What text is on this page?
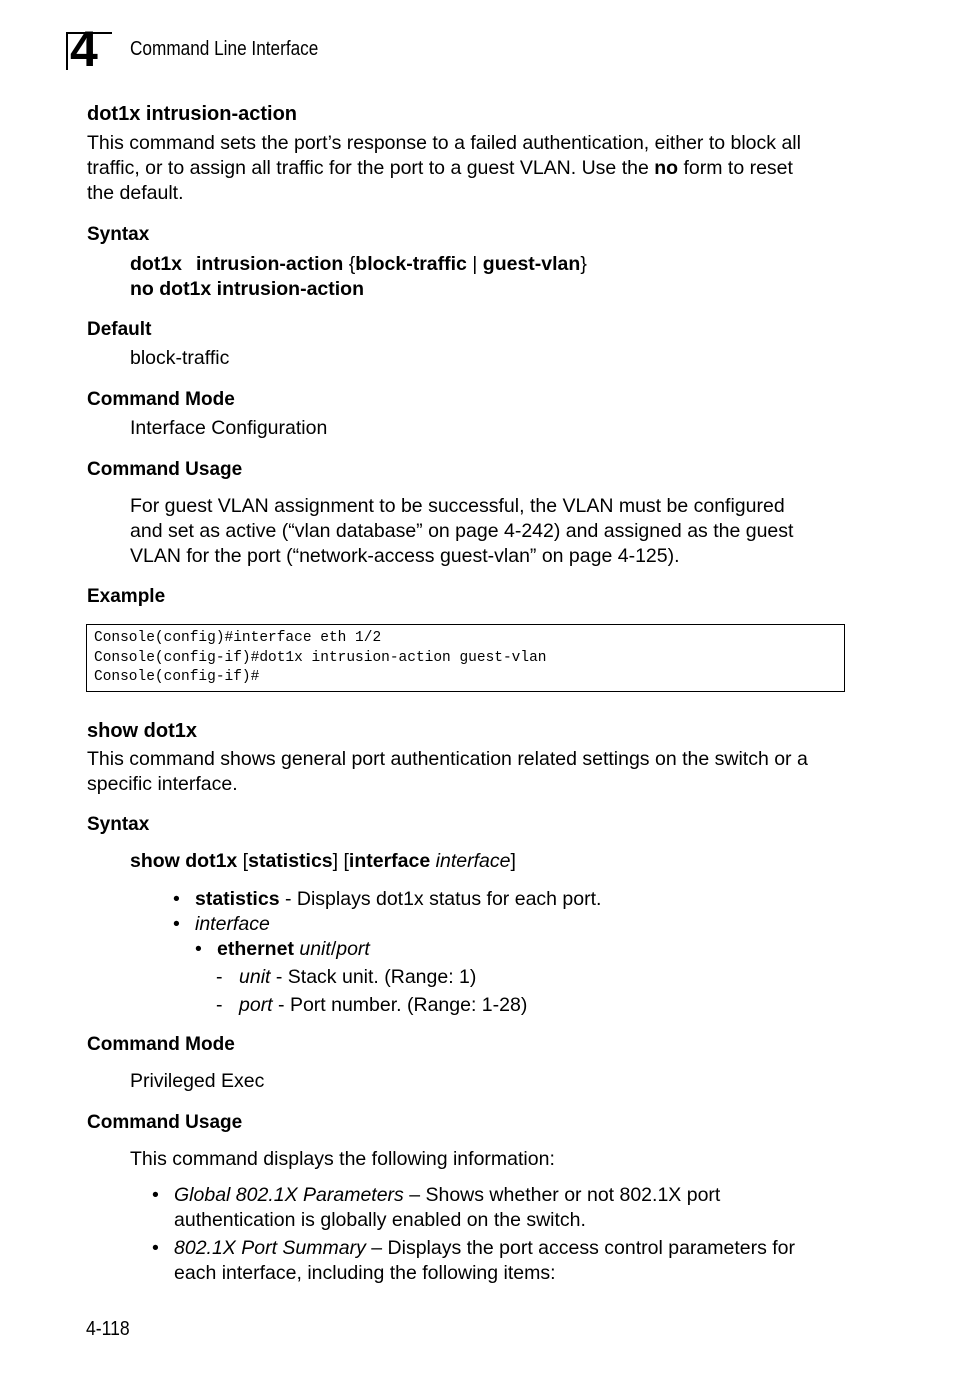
4 Command Line Interface
dot1x intrusion-action
This command sets the port’s response to a failed authentication, either to block all
traffic, or to assign all traffic for the port to a guest VLAN. Use the no form to reset
the default.
Syntax
dot1x intrusion-action {block-traffic | guest-vlan}
no dot1x intrusion-action
Default
block-traffic
Command Mode
Interface Configuration
Command Usage
For guest VLAN assignment to be successful, the VLAN must be configured
and set as active (“vlan database” on page 4-242) and assigned as the guest
VLAN for the port (“network-access guest-vlan” on page 4-125).
Example
Console(config)#interface eth 1/2
Console(config-if)#dot1x intrusion-action guest-vlan
Console(config-if)#
show dot1x
This command shows general port authentication related settings on the switch or a
specific interface.
Syntax
show dot1x [statistics] [interface interface]
• statistics - Displays dot1x status for each port.
• interface
• ethernet unit/port
- unit - Stack unit. (Range: 1)
- port - Port number. (Range: 1-28)
Command Mode
Privileged Exec
Command Usage
This command displays the following information:
• Global 802.1X Parameters – Shows whether or not 802.1X port
authentication is globally enabled on the switch.
• 802.1X Port Summary – Displays the port access control parameters for
each interface, including the following items:
4-118
